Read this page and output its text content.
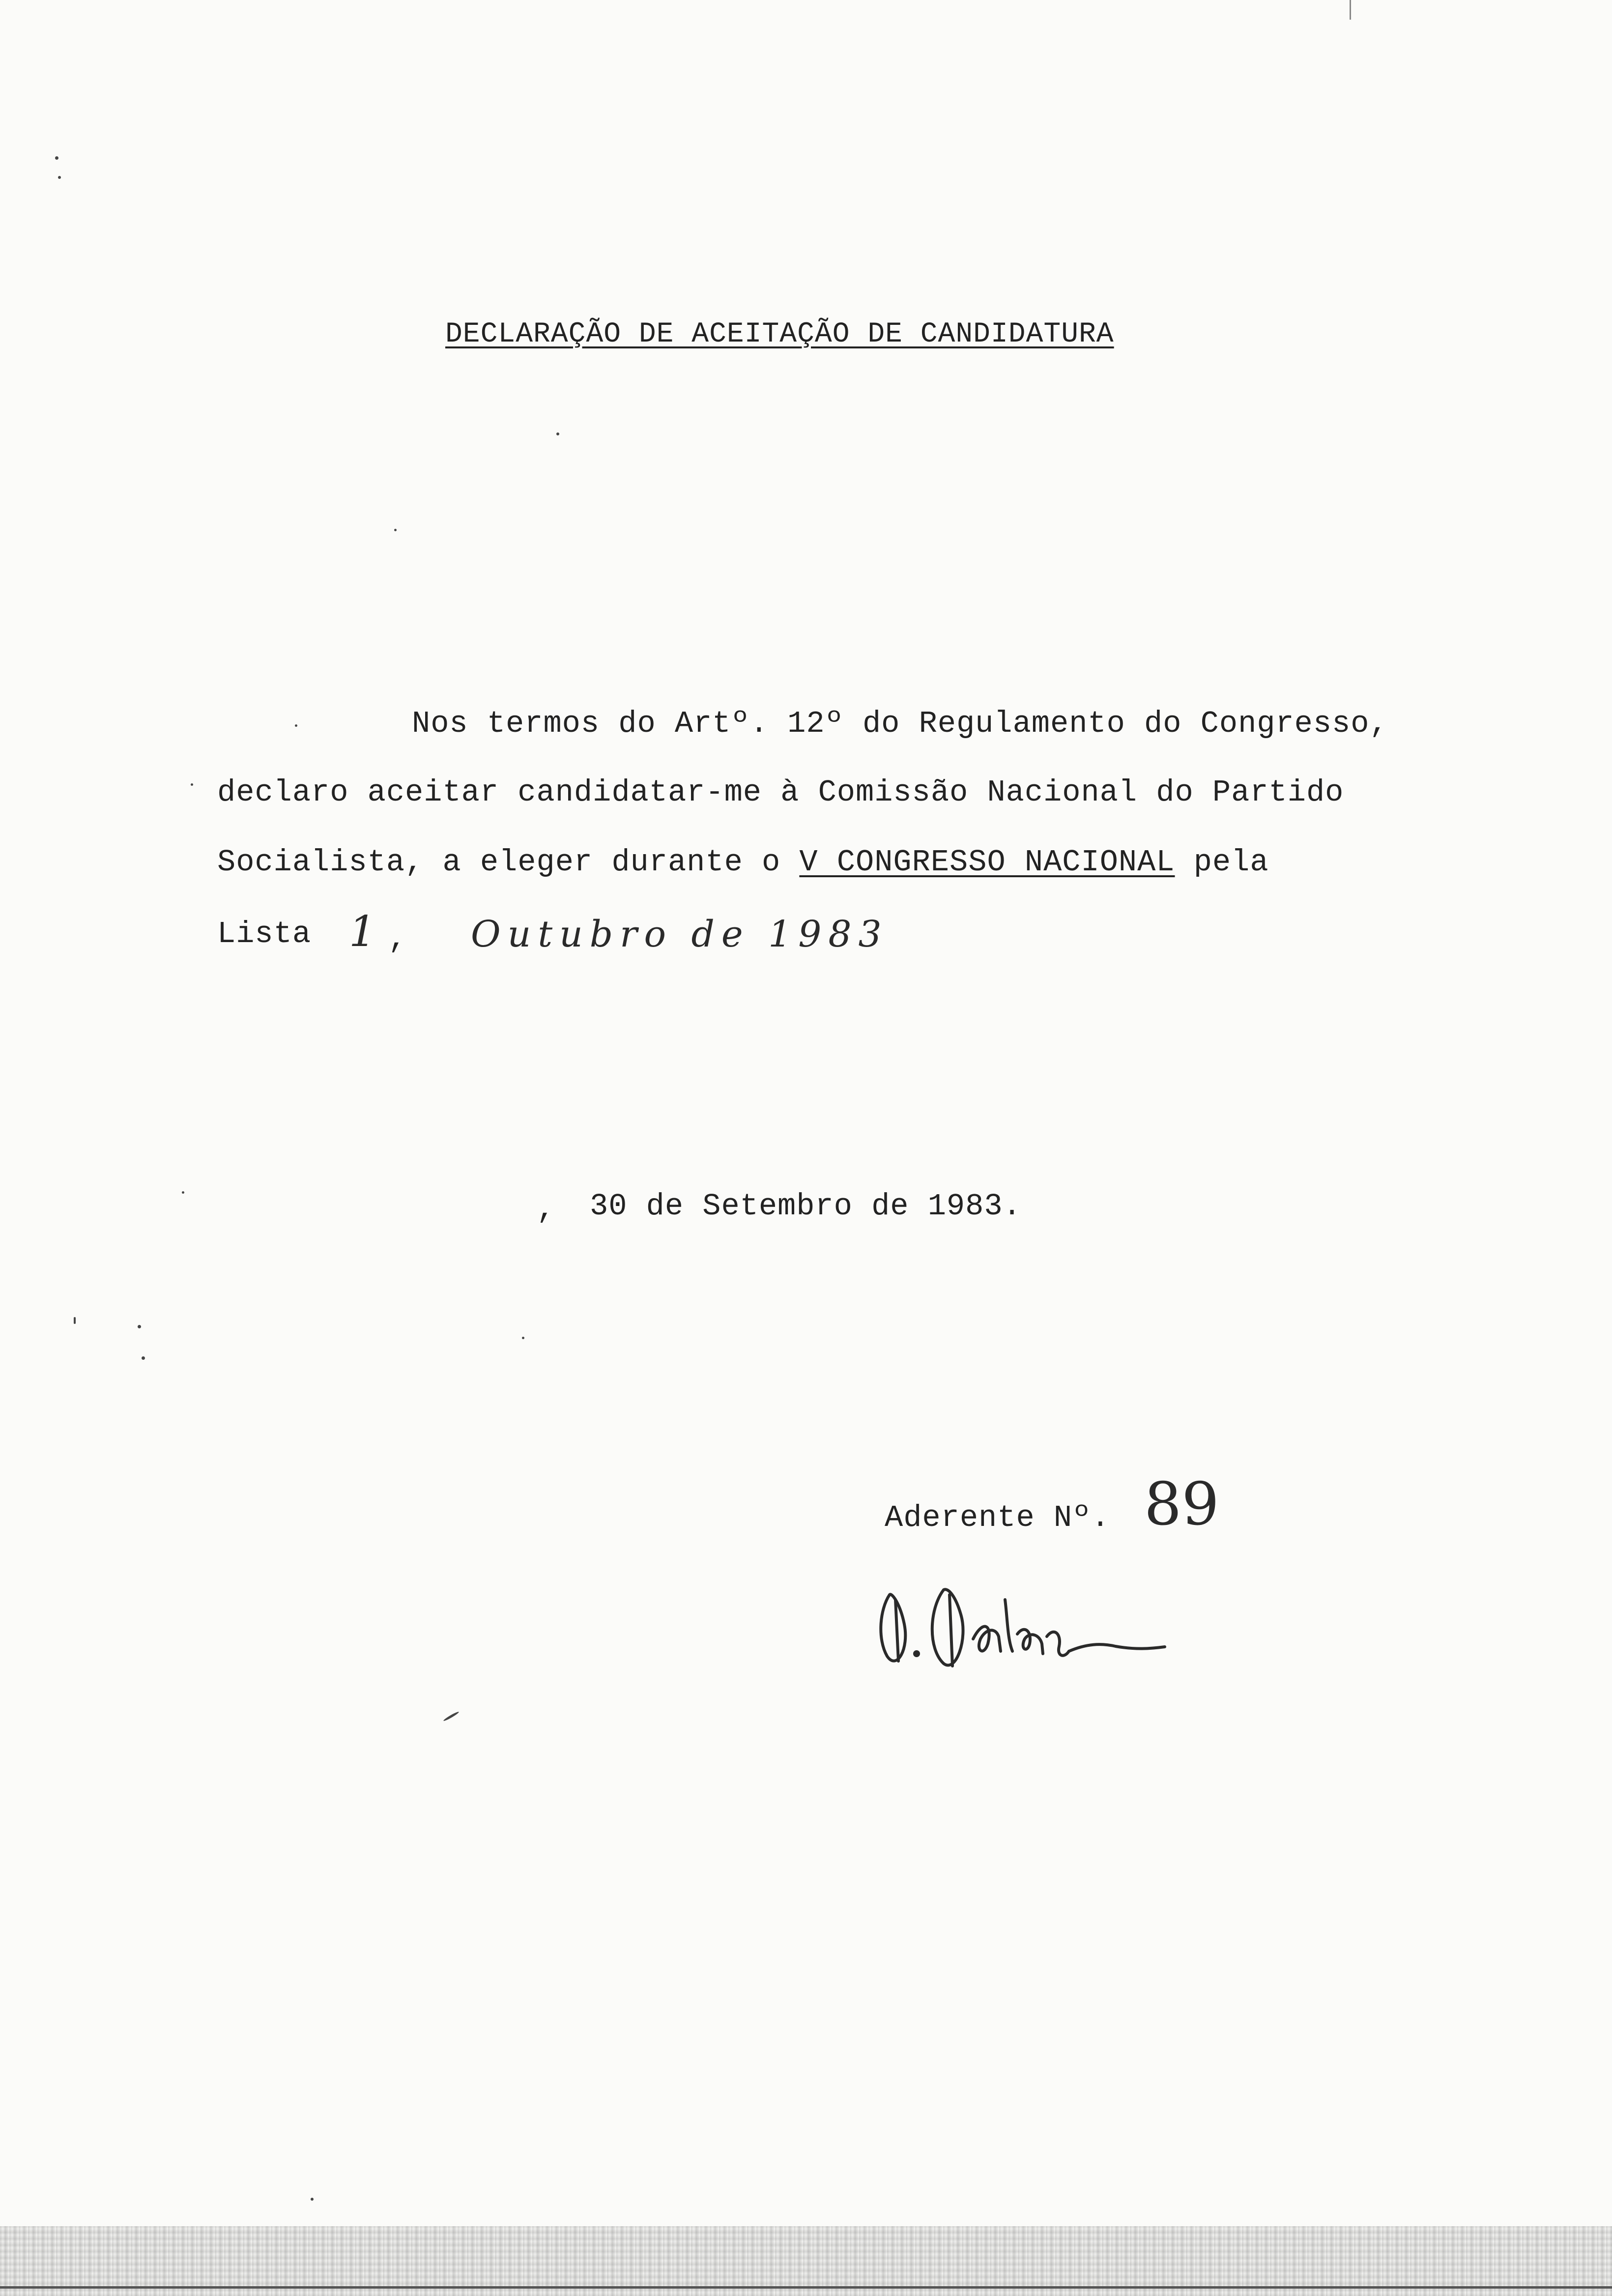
DECLARAÇÃO DE ACEITAÇÃO DE CANDIDATURA
Nos termos do Artº. 12º do Regulamento do Congresso,
declaro aceitar candidatar-me à Comissão Nacional do Partido
Socialista, a eleger durante o V CONGRESSO NACIONAL pela
Lista 1 , Outubro de 1983
, 30 de Setembro de 1983.
Aderente Nº. 89
